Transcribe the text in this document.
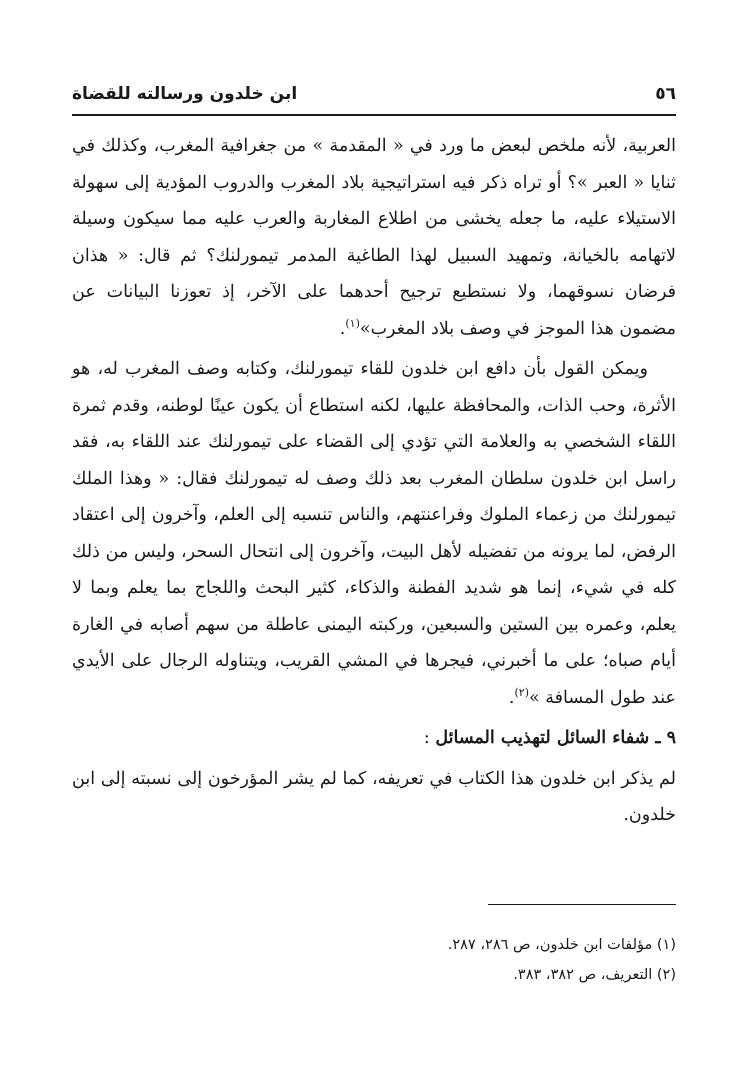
٥٦
ابن خلدون ورسالته للقضاة

العربية، لأنه ملخص لبعض ما ورد في « المقدمة » من جغرافية المغرب، وكذلك في ثنايا « العبر »؟ أو تراه ذكر فيه استراتيجية بلاد المغرب والدروب المؤدية إلى سهولة الاستيلاء عليه، ما جعله يخشى من اطلاع المغاربة والعرب عليه مما سيكون وسيلة لاتهامه بالخيانة، وتمهيد السبيل لهذا الطاغية المدمر تيمورلنك؟ ثم قال: « هذان فرضان نسوقهما، ولا نستطيع ترجيح أحدهما على الآخر، إذ تعوزنا البيانات عن مضمون هذا الموجز في وصف بلاد المغرب»$^{(١)}$.

ويمكن القول بأن دافع ابن خلدون للقاء تيمورلنك، وكتابه وصف المغرب له، هو الأثرة، وحب الذات، والمحافظة عليها، لكنه استطاع أن يكون عينًا لوطنه، وقدم ثمرة اللقاء الشخصي به والعلامة التي تؤدي إلى القضاء على تيمورلنك عند اللقاء به، فقد راسل ابن خلدون سلطان المغرب بعد ذلك وصف له تيمورلنك فقال: « وهذا الملك تيمورلنك من زعماء الملوك وفراعنتهم، والناس تنسبه إلى العلم، وآخرون إلى اعتقاد الرفض، لما يرونه من تفضيله لأهل البيت، وآخرون إلى انتحال السحر، وليس من ذلك كله في شيء، إنما هو شديد الفطنة والذكاء، كثير البحث واللجاج بما يعلم وبما لا يعلم، وعمره بين الستين والسبعين، وركبته اليمنى عاطلة من سهم أصابه في الغارة أيام صباه؛ على ما أخبرني، فيجرها في المشي القريب، ويتناوله الرجال على الأيدي عند طول المسافة »$^{(٢)}$.

٩ ـ شفاء السائل لتهذيب المسائل :

لم يذكر ابن خلدون هذا الكتاب في تعريفه، كما لم يشر المؤرخون إلى نسبته إلى ابن خلدون.

(١) مؤلفات ابن خلدون، ص ٢٨٦، ٢٨٧.
(٢) التعريف، ص ٣٨٢، ٣٨٣.
